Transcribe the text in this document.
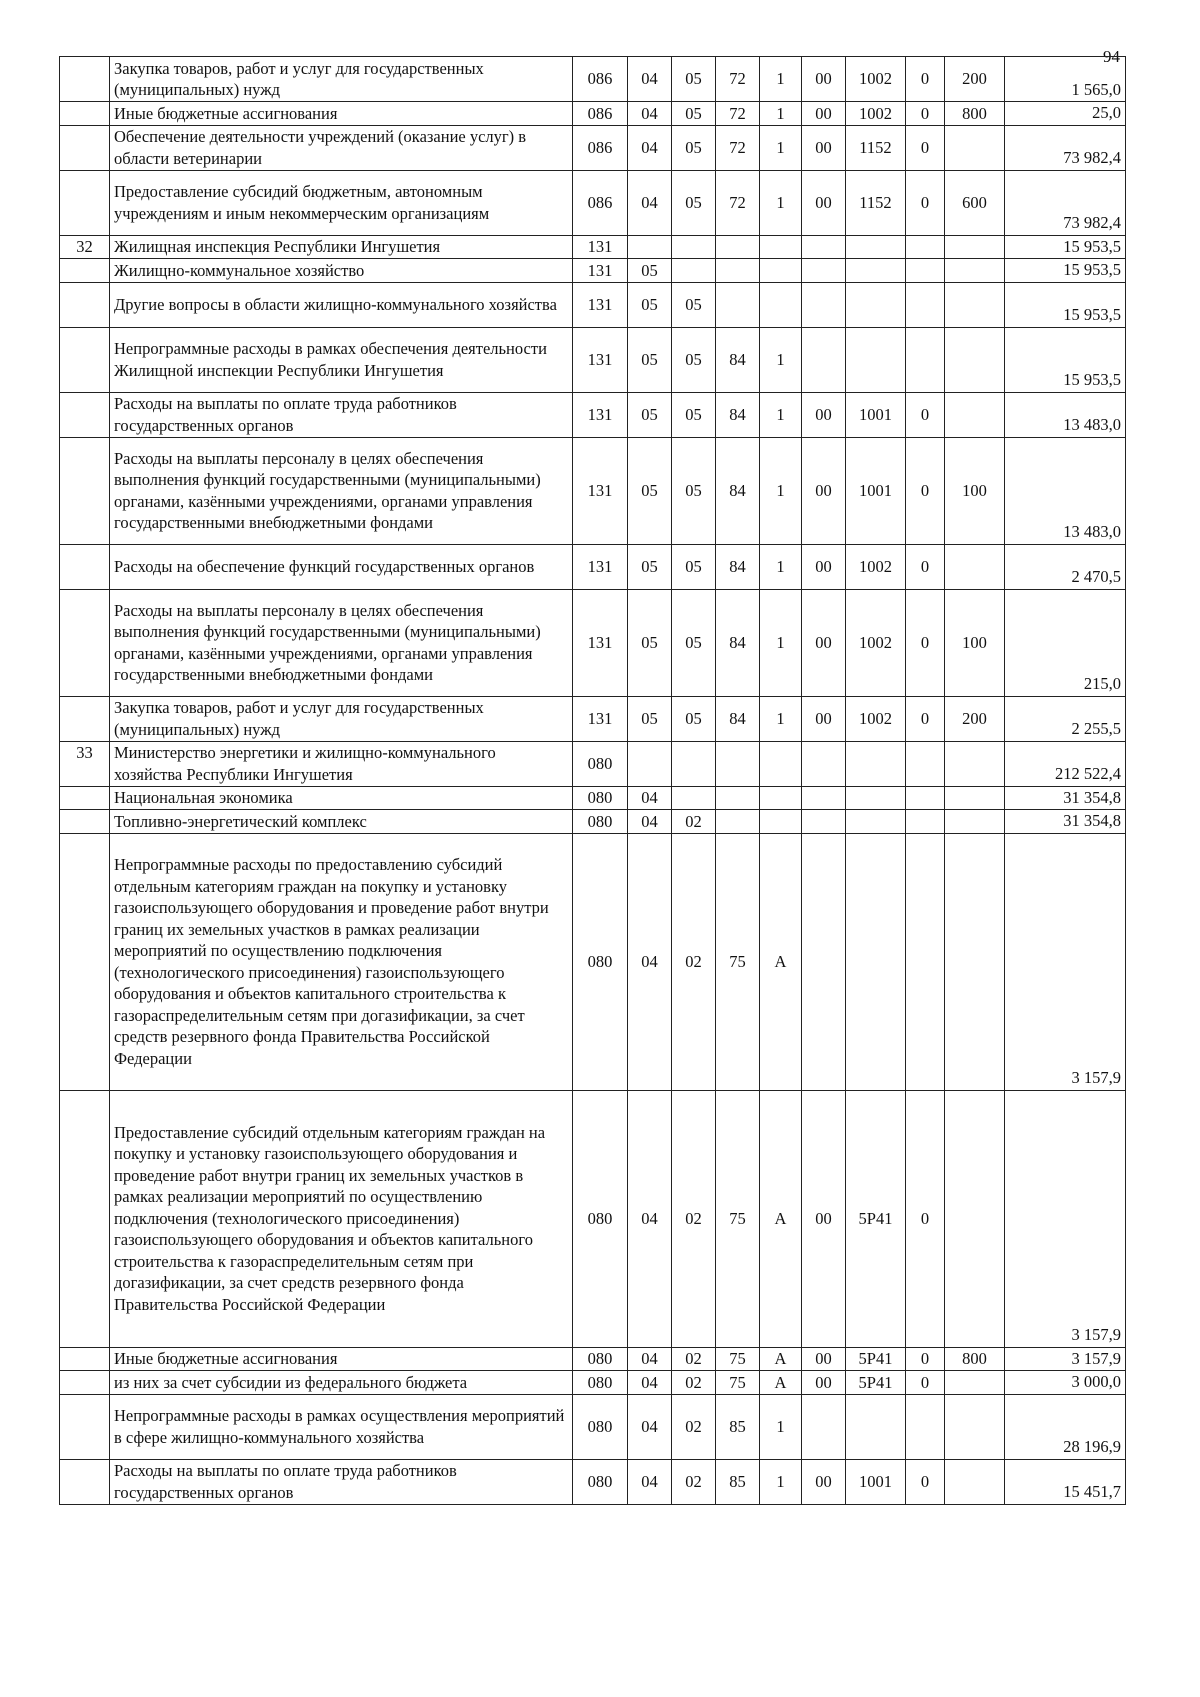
94
	Закупка товаров, работ и услуг для государственных (муниципальных) нужд	086	04	05	72	1	00	1002	0	200	1 565,0
	Иные бюджетные ассигнования	086	04	05	72	1	00	1002	0	800	25,0
	Обеспечение деятельности учреждений (оказание услуг) в области ветеринарии	086	04	05	72	1	00	1152	0		73 982,4
	Предоставление субсидий бюджетным, автономным учреждениям и иным некоммерческим организациям	086	04	05	72	1	00	1152	0	600	73 982,4
32	Жилищная инспекция Республики Ингушетия	131									15 953,5
	Жилищно-коммунальное хозяйство	131	05								15 953,5
	Другие вопросы в области жилищно-коммунального хозяйства	131	05	05							15 953,5
	Непрограммные расходы в рамках обеспечения деятельности Жилищной инспекции Республики Ингушетия	131	05	05	84	1					15 953,5
	Расходы на выплаты по оплате труда работников государственных органов	131	05	05	84	1	00	1001	0		13 483,0
	Расходы на выплаты персоналу в целях обеспечения выполнения функций государственными (муниципальными) органами, казёнными учреждениями, органами управления государственными внебюджетными фондами	131	05	05	84	1	00	1001	0	100	13 483,0
	Расходы на обеспечение функций государственных органов	131	05	05	84	1	00	1002	0		2 470,5
	Расходы на выплаты персоналу в целях обеспечения выполнения функций государственными (муниципальными) органами, казёнными учреждениями, органами управления государственными внебюджетными фондами	131	05	05	84	1	00	1002	0	100	215,0
	Закупка товаров, работ и услуг для государственных (муниципальных) нужд	131	05	05	84	1	00	1002	0	200	2 255,5
33	Министерство энергетики и жилищно-коммунального хозяйства Республики Ингушетия	080									212 522,4
	Национальная экономика	080	04								31 354,8
	Топливно-энергетический комплекс	080	04	02							31 354,8
	Непрограммные расходы по предоставлению субсидий отдельным категориям граждан на покупку и установку газоиспользующего оборудования и проведение работ внутри границ их земельных участков в рамках реализации мероприятий по осуществлению подключения (технологического присоединения) газоиспользующего оборудования и объектов капитального строительства к газораспределительным сетям при догазификации, за счет средств резервного фонда Правительства Российской Федерации	080	04	02	75	А					3 157,9
	Предоставление субсидий отдельным категориям граждан на покупку и установку газоиспользующего оборудования и проведение работ внутри границ их земельных участков в рамках реализации мероприятий по осуществлению подключения (технологического присоединения) газоиспользующего оборудования и объектов капитального строительства к газораспределительным сетям при догазификации, за счет средств резервного фонда Правительства Российской Федерации	080	04	02	75	А	00	5Р41	0		3 157,9
	Иные бюджетные ассигнования	080	04	02	75	А	00	5Р41	0	800	3 157,9
	из них за счет субсидии из федерального бюджета	080	04	02	75	А	00	5Р41	0		3 000,0
	Непрограммные расходы в рамках осуществления мероприятий в сфере жилищно-коммунального хозяйства	080	04	02	85	1					28 196,9
	Расходы на выплаты по оплате труда работников государственных органов	080	04	02	85	1	00	1001	0		15 451,7
